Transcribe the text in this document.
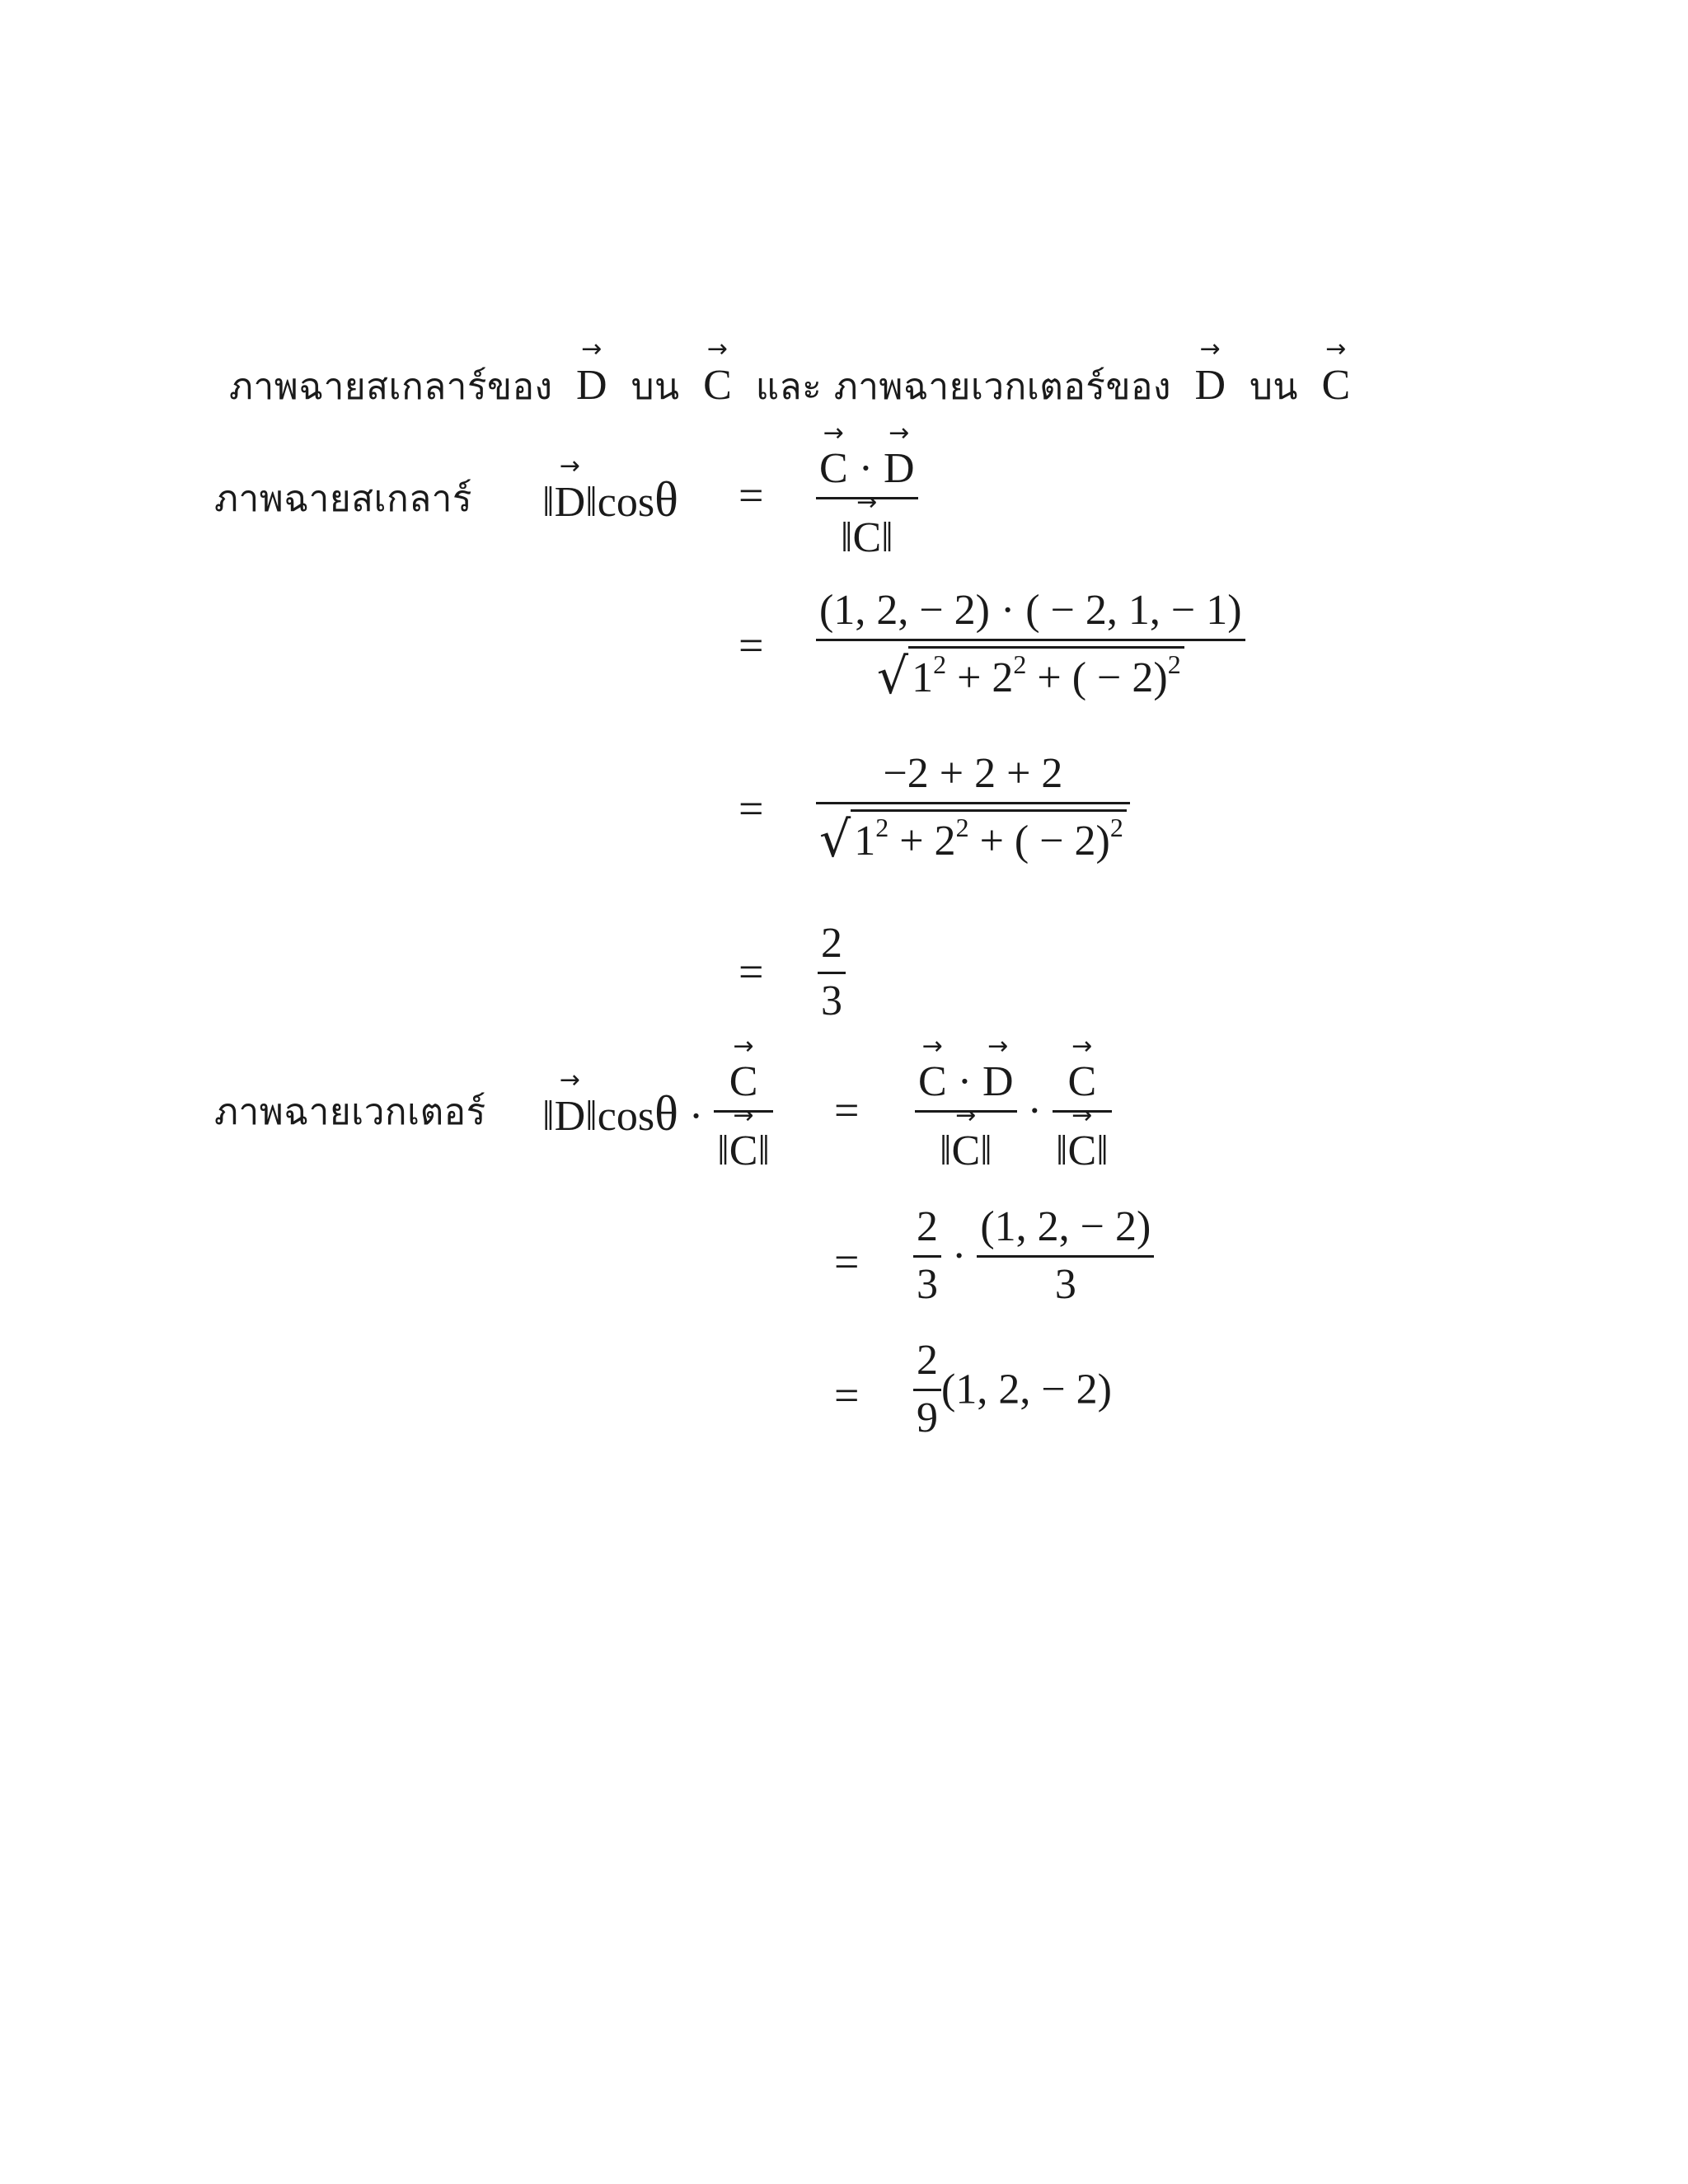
ภาพฉายสเกลาร์ของ → D บน → C และ ภาพฉายเวกเตอร์ของ → D บน → C
ภาพฉายสเกลาร์ ‖→ D‖cosθ = → $\frac{C \cdot \to D}{‖\to C‖}$
= $\frac{(1, 2, - 2) \cdot ( - 2, 1, - 1)}{√ 1^2 + 2^2 + ( - 2)^2}$
= $\frac{-2 + 2 + 2}{√ 1^2 + 2^2 + ( - 2)^2}$
= $\frac{2}{3}$
ภาพฉายเวกเตอร์ ‖→ D‖cosθ · → $\frac{C}{‖\to C‖}$ = → $\frac{C \cdot \to D}{‖\to C‖}$ · → $\frac{C}{‖\to C‖}$
= $\frac{2}{3} \cdot \frac{(1, 2, - 2)}{3}$
= $\frac{2}{9} (1$, 2, − 2)
